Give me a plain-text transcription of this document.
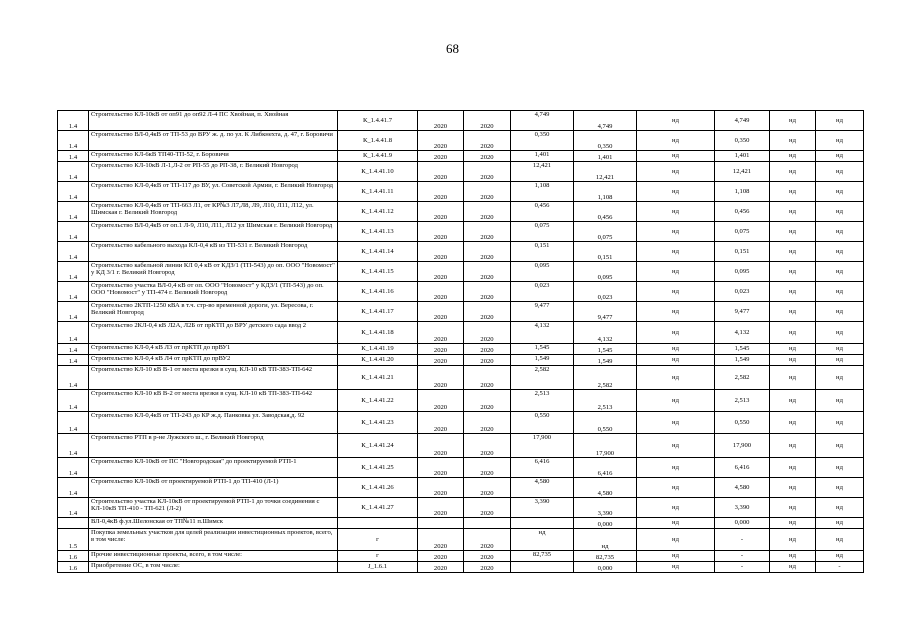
68
1.4	Строительство КЛ-10кВ от оп91 до оп92 Л-4 ПС Хвойная, п. Хвойная	К_1.4.41.7	2020	2020	4,749	4,749	нд	4,749	нд	нд
1.4	Строительство ВЛ-0,4кВ от ТП-53 до ВРУ ж. д. по ул. К Либкнехта, д. 47, г. Боровичи	К_1.4.41.8	2020	2020	0,350	0,350	нд	0,350	нд	нд
1.4	Строительство КЛ-6кВ ТП40-ТП-52, г. Боровичи	К_1.4.41.9	2020	2020	1,401	1,401	нд	1,401	нд	нд
1.4	Строительство КЛ-10кВ Л-1,Л-2 от РП-55 до РП-38, г. Великий Новгород	К_1.4.41.10	2020	2020	12,421	12,421	нд	12,421	нд	нд
1.4	Строительство КЛ-0,4кВ от ТП-117 до ВУ, ул. Советской Армии, г. Великий Новгород	К_1.4.41.11	2020	2020	1,108	1,108	нд	1,108	нд	нд
1.4	Строительство КЛ-0,4кВ от ТП-663 Л1, от КР№3 Л7,Л8, Л9, Л10, Л11, Л12, ул. Шимская г. Великий Новгород	К_1.4.41.12	2020	2020	0,456	0,456	нд	0,456	нд	нд
1.4	Строительство ВЛ-0,4кВ от оп.1 Л-9, Л10, Л11, Л12 ул Шимская г. Великий Новгород	К_1.4.41.13	2020	2020	0,075	0,075	нд	0,075	нд	нд
1.4	Строительство кабельного выхода КЛ-0,4 кВ из ТП-531 г. Великий Новгород	К_1.4.41.14	2020	2020	0,151	0,151	нд	0,151	нд	нд
1.4	Строительство кабельной линии КЛ 0,4 кВ от КДЗ/1 (ТП-543) до оп. ООО "Новомост" у КД 3/1 г. Великий Новгород	К_1.4.41.15	2020	2020	0,095	0,095	нд	0,095	нд	нд
1.4	Строительство участка ВЛ-0,4 кВ от оп. ООО "Новомост" у КДЗ/1 (ТП-543) до оп. ООО "Новомост" у ТП-474 г. Великий Новгород	К_1.4.41.16	2020	2020	0,023	0,023	нд	0,023	нд	нд
1.4	Строительство 2КТП-1250 кВА в т.ч. стр-во временной дороги, ул. Вересова, г. Великий Новгород	К_1.4.41.17	2020	2020	9,477	9,477	нд	9,477	нд	нд
1.4	Строительство 2КЛ-0,4 кВ Л2А, Л2Б от прКТП до ВРУ детского сада ввод 2	К_1.4.41.18	2020	2020	4,132	4,132	нд	4,132	нд	нд
1.4	Строительство КЛ-0,4 кВ Л3 от прКТП до прВУ1	К_1.4.41.19	2020	2020	1,545	1,545	нд	1,545	нд	нд
1.4	Строительство КЛ-0,4 кВ Л4 от прКТП до прВУ2	К_1.4.41.20	2020	2020	1,549	1,549	нд	1,549	нд	нд
1.4	Строительство КЛ-10 кВ В-1 от места врезки в сущ. КЛ-10 кВ ТП-383-ТП-642	К_1.4.41.21	2020	2020	2,582	2,582	нд	2,582	нд	нд
1.4	Строительство КЛ-10 кВ В-2 от места врезки в сущ. КЛ-10 кВ ТП-383-ТП-642	К_1.4.41.22	2020	2020	2,513	2,513	нд	2,513	нд	нд
1.4	Строительство КЛ-0,4кВ от ТП-243 до КР ж.д. Панковка ул. Заводская,д. 92	К_1.4.41.23	2020	2020	0,550	0,550	нд	0,550	нд	нд
1.4	Строительство РТП в р-не Лужского ш., г. Великий Новгород	К_1.4.41.24	2020	2020	17,900	17,900	нд	17,900	нд	нд
1.4	Строительство КЛ-10кВ от ПС "Новгородская" до проектируемой РТП-1	К_1.4.41.25	2020	2020	6,416	6,416	нд	6,416	нд	нд
1.4	Строительство КЛ-10кВ от проектируемой РТП-1 до ТП-410 (Л-1)	К_1.4.41.26	2020	2020	4,580	4,580	нд	4,580	нд	нд
1.4	Строительство участка КЛ-10кВ от проектируемой РТП-1 до точки соединения с КЛ-10кВ ТП-410 - ТП-621 (Л-2)	К_1.4.41.27	2020	2020	3,390	3,390	нд	3,390	нд	нд
	ВЛ-0,4кВ ф.ул.Шелонская от ТП№11 п.Шимск					0,000	нд	0,000	нд	нд
1.5	Покупка земельных участков для целей реализации инвестиционных проектов, всего, в том числе:	г	2020	2020	нд	нд	нд	-	нд	нд
1.6	Прочие инвестиционные проекты, всего, в том числе:	г	2020	2020	82,735	82,735	нд	-	нд	нд
1.6	Приобретение ОС, в том числе:	J_1.6.1	2020	2020		0,000	нд	-	нд	-
